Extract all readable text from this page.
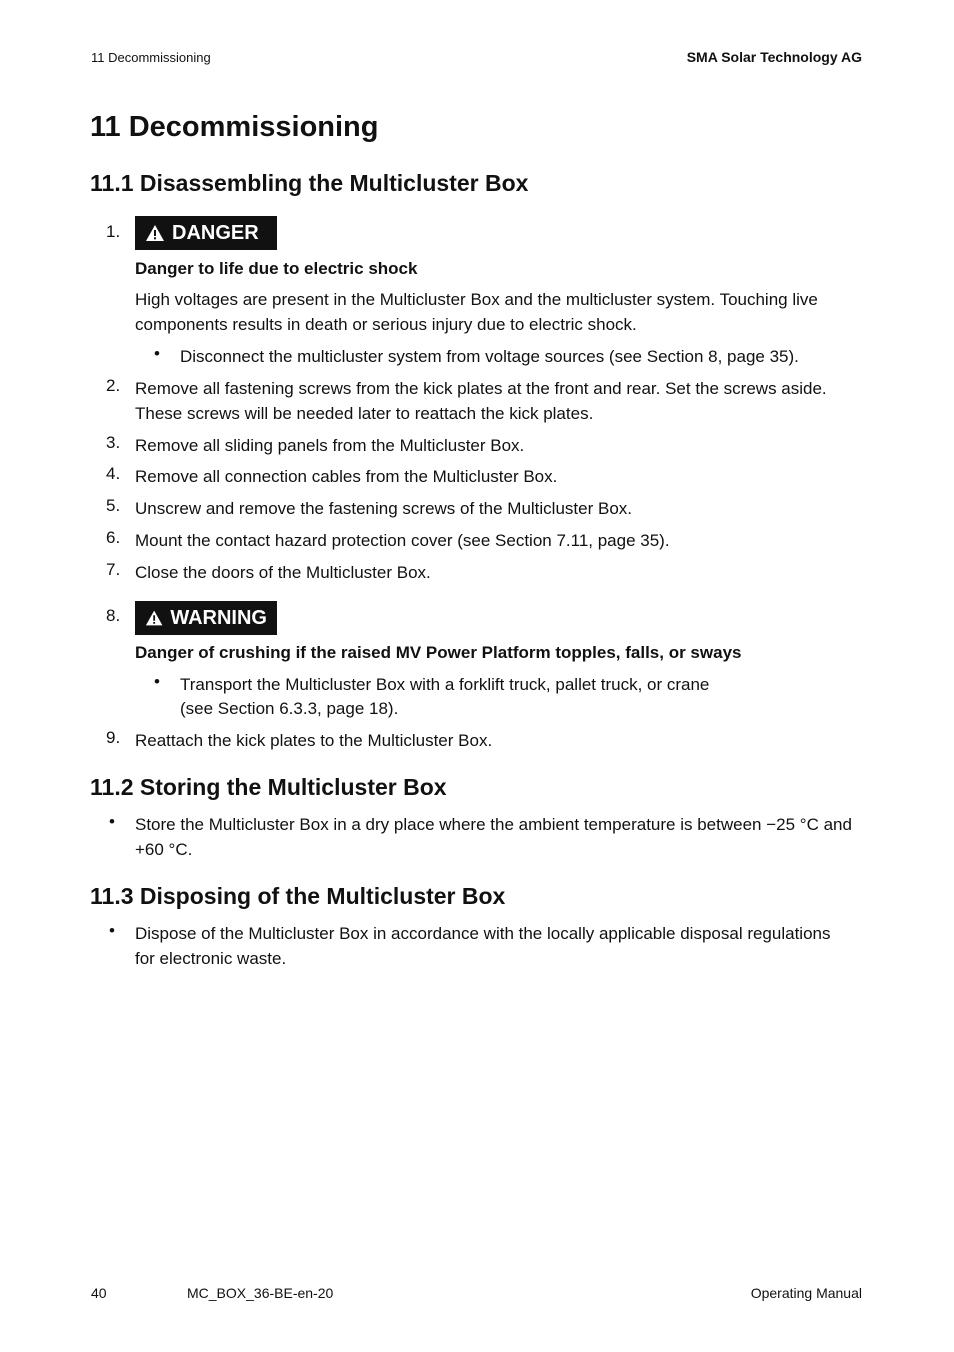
11 Decommissioning	SMA Solar Technology AG
11 Decommissioning
11.1 Disassembling the Multicluster Box
1.	DANGER
Danger to life due to electric shock
High voltages are present in the Multicluster Box and the multicluster system. Touching live
components results in death or serious injury due to electric shock.
• Disconnect the multicluster system from voltage sources (see Section 8, page 35).
2. Remove all fastening screws from the kick plates at the front and rear. Set the screws aside.
These screws will be needed later to reattach the kick plates.
3. Remove all sliding panels from the Multicluster Box.
4. Remove all connection cables from the Multicluster Box.
5. Unscrew and remove the fastening screws of the Multicluster Box.
6. Mount the contact hazard protection cover (see Section 7.11, page 35).
7. Close the doors of the Multicluster Box.
8.	WARNING
Danger of crushing if the raised MV Power Platform topples, falls, or sways
• Transport the Multicluster Box with a forklift truck, pallet truck, or crane
(see Section 6.3.3, page 18).
9. Reattach the kick plates to the Multicluster Box.
11.2 Storing the Multicluster Box
• Store the Multicluster Box in a dry place where the ambient temperature is between −25 °C and
+60 °C.
11.3 Disposing of the Multicluster Box
• Dispose of the Multicluster Box in accordance with the locally applicable disposal regulations
for electronic waste.
40	MC_BOX_36-BE-en-20	Operating Manual
